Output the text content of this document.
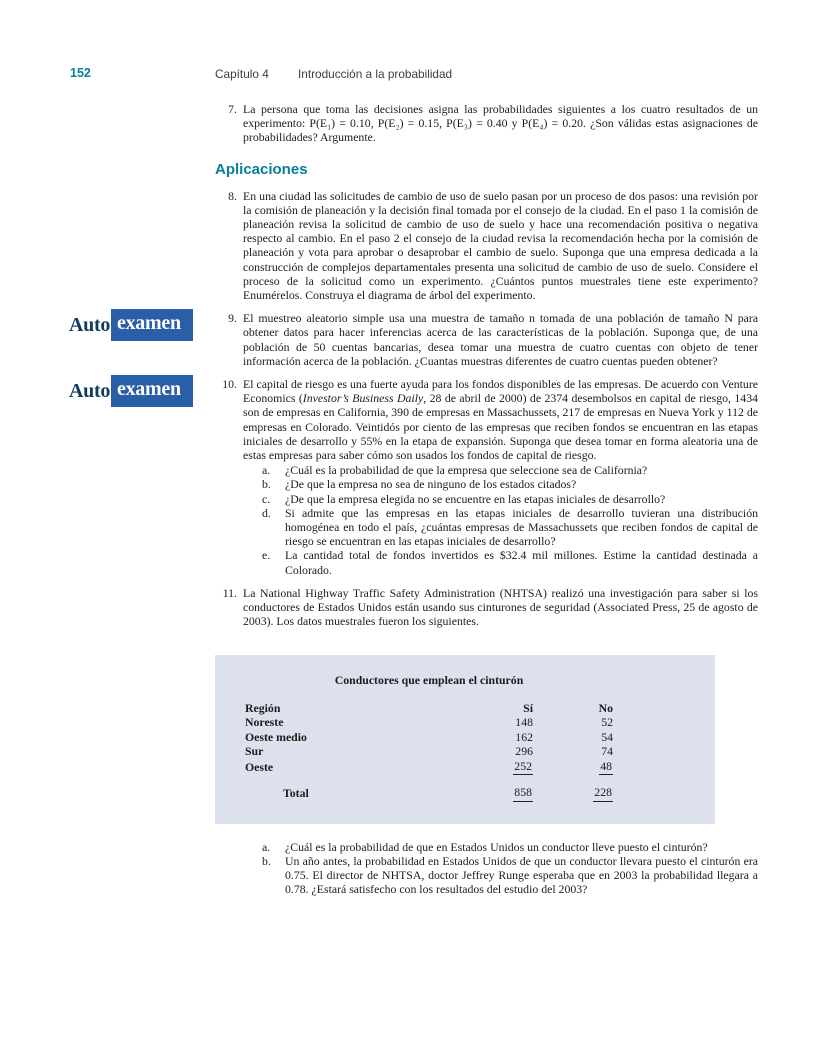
152	Capítulo 4 Introducción a la probabilidad
7. La persona que toma las decisiones asigna las probabilidades siguientes a los cuatro resultados de un experimento: P(E₁) = 0.10, P(E₂) = 0.15, P(E₃) = 0.40 y P(E₄) = 0.20. ¿Son válidas estas asignaciones de probabilidades? Argumente.
Aplicaciones
8. En una ciudad las solicitudes de cambio de uso de suelo pasan por un proceso de dos pasos: una revisión por la comisión de planeación y la decisión final tomada por el consejo de la ciudad. En el paso 1 la comisión de planeación revisa la solicitud de cambio de uso de suelo y hace una recomendación positiva o negativa respecto al cambio. En el paso 2 el consejo de la ciudad revisa la recomendación hecha por la comisión de planeación y vota para aprobar o desaprobar el cambio de suelo. Suponga que una empresa dedicada a la construcción de complejos departamentales presenta una solicitud de cambio de uso de suelo. Considere el proceso de la solicitud como un experimento. ¿Cuántos puntos muestrales tiene este experimento? Enumérelos. Construya el diagrama de árbol del experimento.
Auto examen	9. El muestreo aleatorio simple usa una muestra de tamaño n tomada de una población de tamaño N para obtener datos para hacer inferencias acerca de las características de la población. Suponga que, de una población de 50 cuentas bancarias, desea tomar una muestra de cuatro cuentas con objeto de tener información acerca de la población. ¿Cuantas muestras diferentes de cuatro cuentas pueden obtener?
Auto examen	10. El capital de riesgo es una fuerte ayuda para los fondos disponibles de las empresas. De acuerdo con Venture Economics (Investor’s Business Daily, 28 de abril de 2000) de 2374 desembolsos en capital de riesgo, 1434 son de empresas en California, 390 de empresas en Massachussets, 217 de empresas en Nueva York y 112 de empresas en Colorado. Veintidós por ciento de las empresas que reciben fondos se encuentran en las etapas iniciales de desarrollo y 55% en la etapa de expansión. Suponga que desea tomar en forma aleatoria una de estas empresas para saber cómo son usados los fondos de capital de riesgo.
a.	¿Cuál es la probabilidad de que la empresa que seleccione sea de California?
b.	¿De que la empresa no sea de ninguno de los estados citados?
c.	¿De que la empresa elegida no se encuentre en las etapas iniciales de desarrollo?
d.	Si admite que las empresas en las etapas iniciales de desarrollo tuvieran una distribución homogénea en todo el país, ¿cuántas empresas de Massachussets que reciben fondos de capital de riesgo se encuentran en las etapas iniciales de desarrollo?
e.	La cantidad total de fondos invertidos es $32.4 mil millones. Estime la cantidad destinada a Colorado.
11. La National Highway Traffic Safety Administration (NHTSA) realizó una investigación para saber si los conductores de Estados Unidos están usando sus cinturones de seguridad (Associated Press, 25 de agosto de 2003). Los datos muestrales fueron los siguientes.
Conductores que emplean el cinturón
Región	Sí	No
Noreste	148	52
Oeste medio	162	54
Sur	296	74
Oeste	252	48
Total	858	228
a.	¿Cuál es la probabilidad de que en Estados Unidos un conductor lleve puesto el cinturón?
b.	Un año antes, la probabilidad en Estados Unidos de que un conductor llevara puesto el cinturón era 0.75. El director de NHTSA, doctor Jeffrey Runge esperaba que en 2003 la probabilidad llegara a 0.78. ¿Estará satisfecho con los resultados del estudio del 2003?
